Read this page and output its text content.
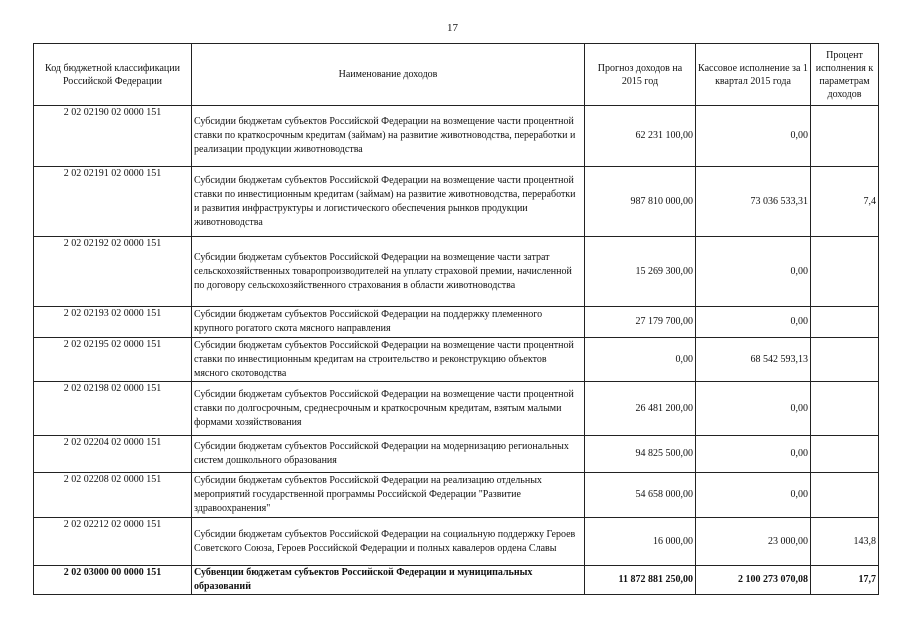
17
Код бюджетной классификации Российской Федерации	Наименование доходов	Прогноз доходов на 2015 год	Кассовое исполнение за 1 квартал 2015 года	Процент исполнения к параметрам доходов
2 02 02190 02 0000 151	Субсидии бюджетам субъектов Российской Федерации на возмещение части процентной ставки по краткосрочным кредитам (займам) на развитие животноводства, переработки и реализации продукции животноводства	62 231 100,00	0,00	
2 02 02191 02 0000 151	Субсидии бюджетам субъектов Российской Федерации на возмещение части процентной ставки по инвестиционным кредитам (займам) на развитие животноводства, переработки и развития инфраструктуры и логистического обеспечения рынков продукции животноводства	987 810 000,00	73 036 533,31	7,4
2 02 02192 02 0000 151	Субсидии бюджетам субъектов Российской Федерации на возмещение части затрат сельскохозяйственных товаропроизводителей на уплату страховой премии, начисленной по договору сельскохозяйственного страхования в области животноводства	15 269 300,00	0,00	
2 02 02193 02 0000 151	Субсидии бюджетам субъектов Российской Федерации на поддержку племенного крупного рогатого скота мясного направления	27 179 700,00	0,00	
2 02 02195 02 0000 151	Субсидии бюджетам субъектов Российской Федерации на возмещение части процентной ставки по инвестиционным кредитам на строительство и реконструкцию объектов мясного скотоводства	0,00	68 542 593,13	
2 02 02198 02 0000 151	Субсидии бюджетам субъектов Российской Федерации на возмещение части процентной ставки по долгосрочным, среднесрочным и краткосрочным кредитам, взятым малыми формами хозяйствования	26 481 200,00	0,00	
2 02 02204 02 0000 151	Субсидии бюджетам субъектов Российской Федерации на модернизацию региональных систем дошкольного образования	94 825 500,00	0,00	
2 02 02208 02 0000 151	Субсидии бюджетам субъектов Российской Федерации на реализацию отдельных мероприятий государственной программы Российской Федерации "Развитие здравоохранения"	54 658 000,00	0,00	
2 02 02212 02 0000 151	Субсидии бюджетам субъектов Российской Федерации на социальную поддержку Героев Советского Союза, Героев Российской Федерации и полных кавалеров ордена Славы	16 000,00	23 000,00	143,8
2 02 03000 00 0000 151	Субвенции бюджетам субъектов Российской Федерации и муниципальных образований	11 872 881 250,00	2 100 273 070,08	17,7
